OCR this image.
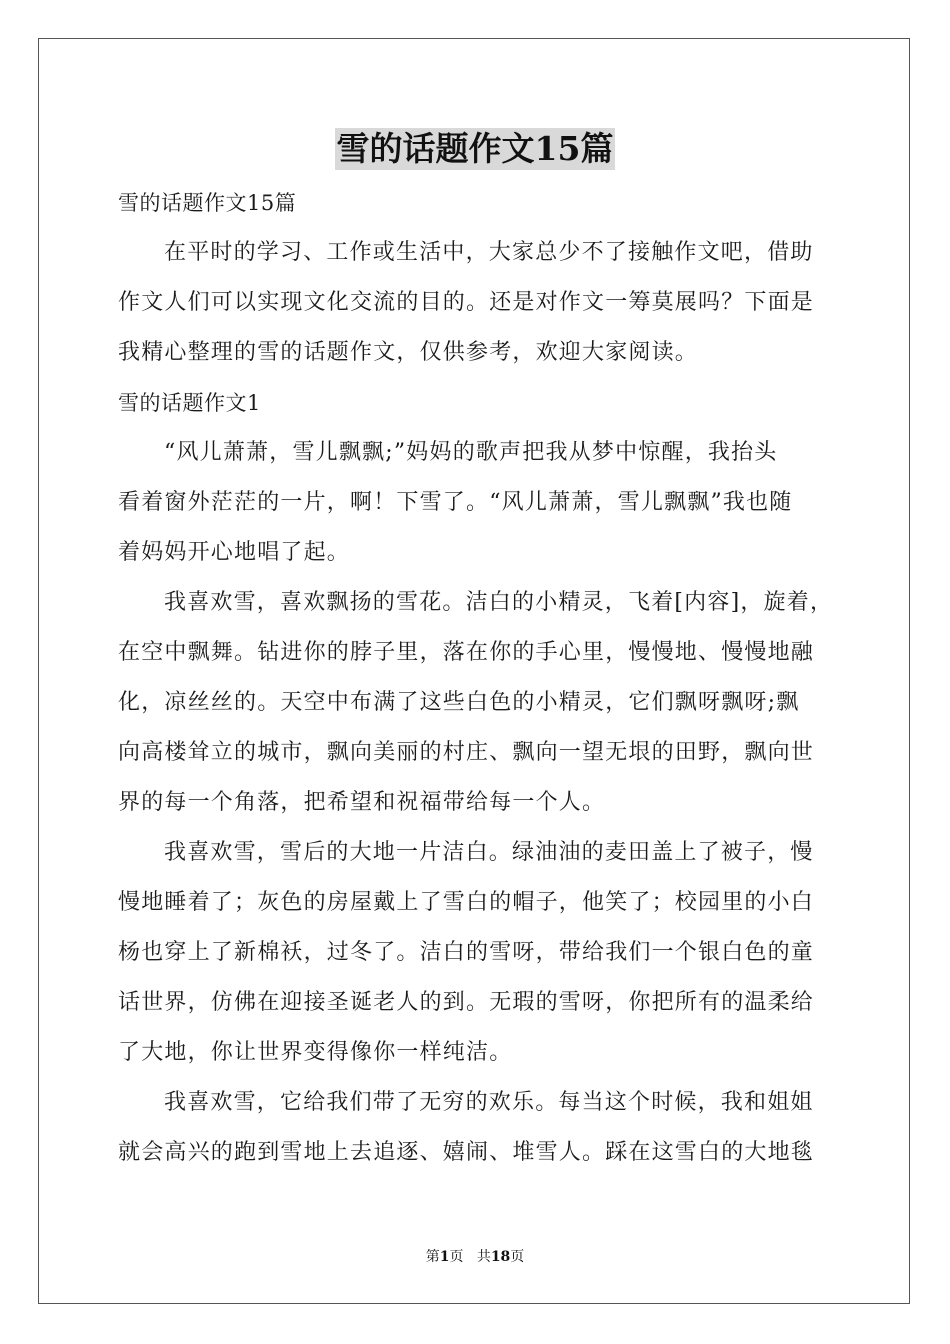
雪的话题作文15篇
雪的话题作文15篇
在平时的学习、工作或生活中，大家总少不了接触作文吧，借助
作文人们可以实现文化交流的目的。还是对作文一筹莫展吗？下面是
我精心整理的雪的话题作文，仅供参考，欢迎大家阅读。
雪的话题作文1
“风儿萧萧，雪儿飘飘;”妈妈的歌声把我从梦中惊醒，我抬头
看着窗外茫茫的一片，啊！下雪了。“风儿萧萧，雪儿飘飘”我也随
着妈妈开心地唱了起。
我喜欢雪，喜欢飘扬的雪花。洁白的小精灵，飞着[内容]，旋着，
在空中飘舞。钻进你的脖子里，落在你的手心里，慢慢地、慢慢地融
化，凉丝丝的。天空中布满了这些白色的小精灵，它们飘呀飘呀;飘
向高楼耸立的城市，飘向美丽的村庄、飘向一望无垠的田野，飘向世
界的每一个角落，把希望和祝福带给每一个人。
我喜欢雪，雪后的大地一片洁白。绿油油的麦田盖上了被子，慢
慢地睡着了；灰色的房屋戴上了雪白的帽子，他笑了；校园里的小白
杨也穿上了新棉袄，过冬了。洁白的雪呀，带给我们一个银白色的童
话世界，仿佛在迎接圣诞老人的到。无瑕的雪呀，你把所有的温柔给
了大地，你让世界变得像你一样纯洁。
我喜欢雪，它给我们带了无穷的欢乐。每当这个时候，我和姐姐
就会高兴的跑到雪地上去追逐、嬉闹、堆雪人。踩在这雪白的大地毯
第1页 共18页
